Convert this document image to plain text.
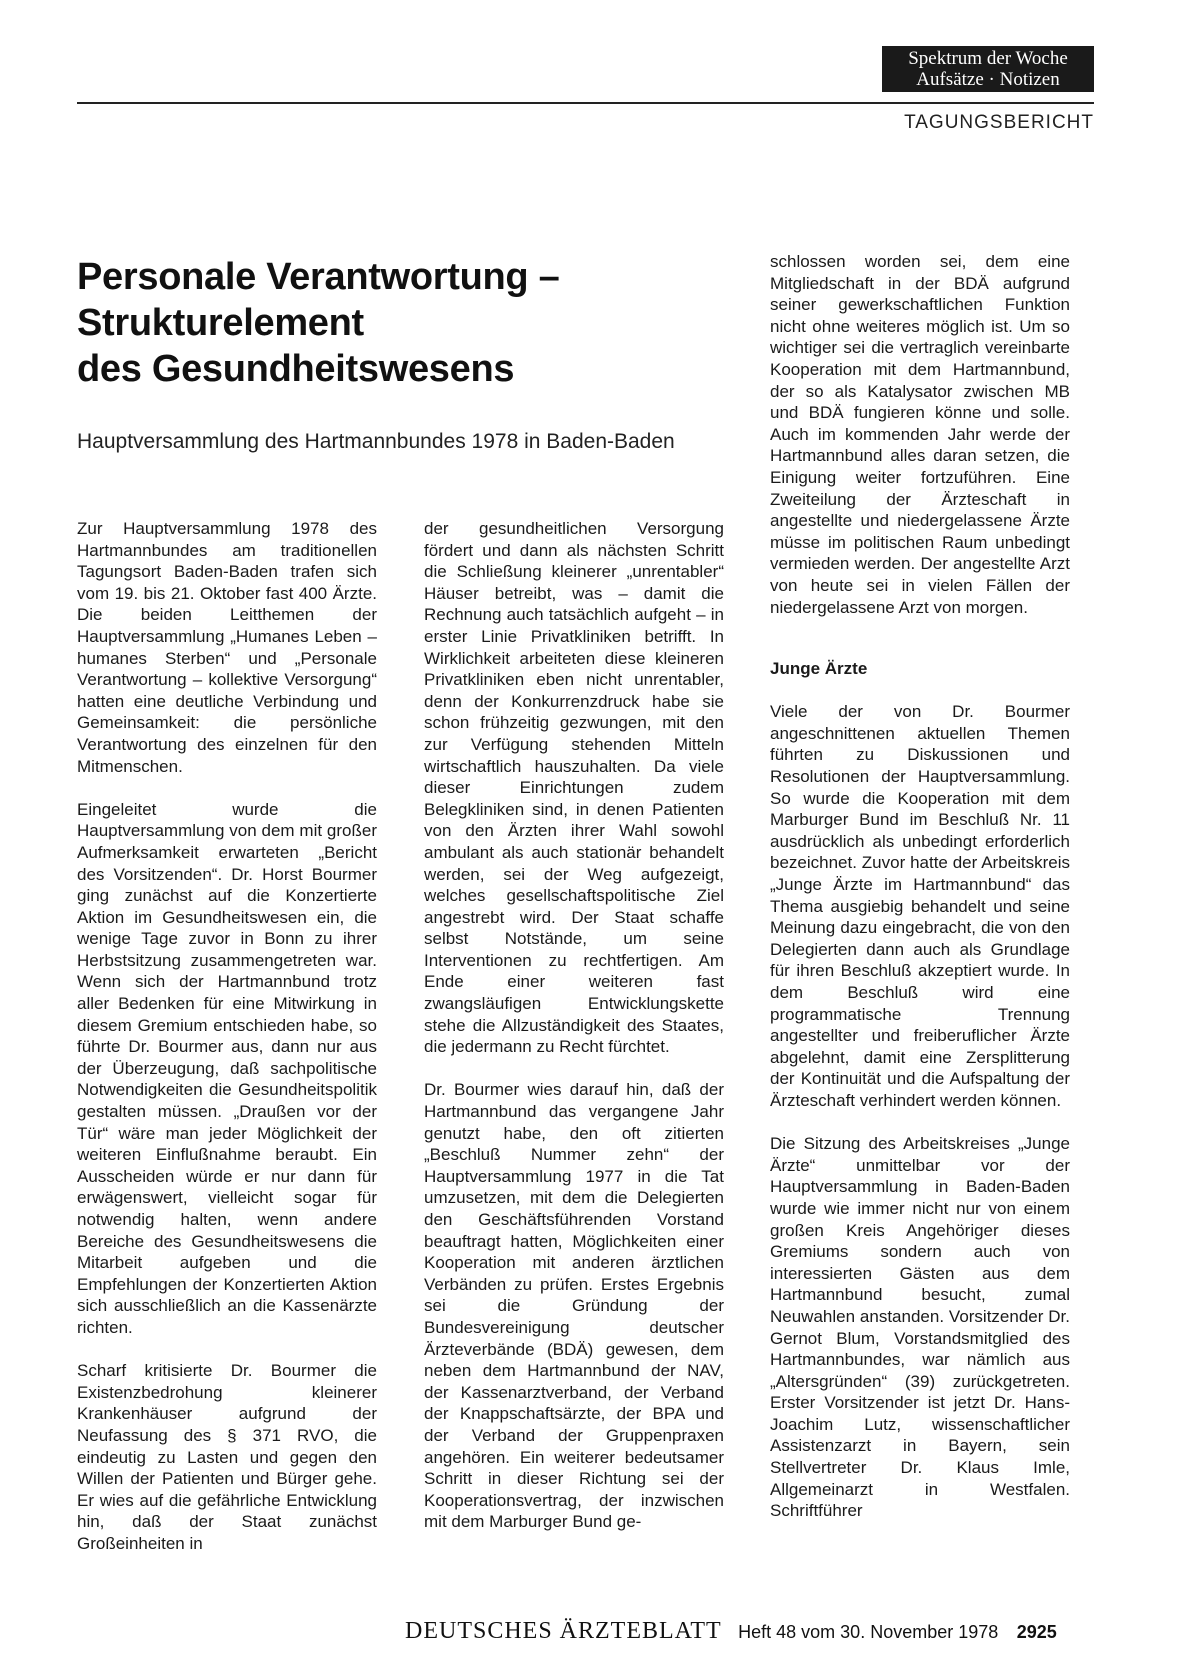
Spektrum der Woche
Aufsätze · Notizen
TAGUNGSBERICHT
Personale Verantwortung –
Strukturelement
des Gesundheitswesens
Hauptversammlung des Hartmannbundes 1978 in Baden-Baden

Zur Hauptversammlung 1978 des Hartmannbundes am traditionellen Tagungsort Baden-Baden trafen sich vom 19. bis 21. Oktober fast 400 Ärzte. Die beiden Leitthemen der Hauptversammlung „Humanes Leben – humanes Sterben“ und „Personale Verantwortung – kollektive Versorgung“ hatten eine deutliche Verbindung und Gemeinsamkeit: die persönliche Verantwortung des einzelnen für den Mitmenschen.

Eingeleitet wurde die Hauptversammlung von dem mit großer Aufmerksamkeit erwarteten „Bericht des Vorsitzenden“. Dr. Horst Bourmer ging zunächst auf die Konzertierte Aktion im Gesundheitswesen ein, die wenige Tage zuvor in Bonn zu ihrer Herbstsitzung zusammengetreten war. Wenn sich der Hartmannbund trotz aller Bedenken für eine Mitwirkung in diesem Gremium entschieden habe, so führte Dr. Bourmer aus, dann nur aus der Überzeugung, daß sachpolitische Notwendigkeiten die Gesundheitspolitik gestalten müssen. „Draußen vor der Tür“ wäre man jeder Möglichkeit der weiteren Einflußnahme beraubt. Ein Ausscheiden würde er nur dann für erwägenswert, vielleicht sogar für notwendig halten, wenn andere Bereiche des Gesundheitswesens die Mitarbeit aufgeben und die Empfehlungen der Konzertierten Aktion sich ausschließlich an die Kassenärzte richten.

Scharf kritisierte Dr. Bourmer die Existenzbedrohung kleinerer Krankenhäuser aufgrund der Neufassung des § 371 RVO, die eindeutig zu Lasten und gegen den Willen der Patienten und Bürger gehe. Er wies auf die gefährliche Entwicklung hin, daß der Staat zunächst Großeinheiten in

der gesundheitlichen Versorgung fördert und dann als nächsten Schritt die Schließung kleinerer „unrentabler“ Häuser betreibt, was – damit die Rechnung auch tatsächlich aufgeht – in erster Linie Privatkliniken betrifft. In Wirklichkeit arbeiteten diese kleineren Privatkliniken eben nicht unrentabler, denn der Konkurrenzdruck habe sie schon frühzeitig gezwungen, mit den zur Verfügung stehenden Mitteln wirtschaftlich hauszuhalten. Da viele dieser Einrichtungen zudem Belegkliniken sind, in denen Patienten von den Ärzten ihrer Wahl sowohl ambulant als auch stationär behandelt werden, sei der Weg aufgezeigt, welches gesellschaftspolitische Ziel angestrebt wird. Der Staat schaffe selbst Notstände, um seine Interventionen zu rechtfertigen. Am Ende einer weiteren fast zwangsläufigen Entwicklungskette stehe die Allzuständigkeit des Staates, die jedermann zu Recht fürchtet.

Dr. Bourmer wies darauf hin, daß der Hartmannbund das vergangene Jahr genutzt habe, den oft zitierten „Beschluß Nummer zehn“ der Hauptversammlung 1977 in die Tat umzusetzen, mit dem die Delegierten den Geschäftsführenden Vorstand beauftragt hatten, Möglichkeiten einer Kooperation mit anderen ärztlichen Verbänden zu prüfen. Erstes Ergebnis sei die Gründung der Bundesvereinigung deutscher Ärzteverbände (BDÄ) gewesen, dem neben dem Hartmannbund der NAV, der Kassenarztverband, der Verband der Knappschaftsärzte, der BPA und der Verband der Gruppenpraxen angehören. Ein weiterer bedeutsamer Schritt in dieser Richtung sei der Kooperationsvertrag, der inzwischen mit dem Marburger Bund ge-

schlossen worden sei, dem eine Mitgliedschaft in der BDÄ aufgrund seiner gewerkschaftlichen Funktion nicht ohne weiteres möglich ist. Um so wichtiger sei die vertraglich vereinbarte Kooperation mit dem Hartmannbund, der so als Katalysator zwischen MB und BDÄ fungieren könne und solle. Auch im kommenden Jahr werde der Hartmannbund alles daran setzen, die Einigung weiter fortzuführen. Eine Zweiteilung der Ärzteschaft in angestellte und niedergelassene Ärzte müsse im politischen Raum unbedingt vermieden werden. Der angestellte Arzt von heute sei in vielen Fällen der niedergelassene Arzt von morgen.

Junge Ärzte

Viele der von Dr. Bourmer angeschnittenen aktuellen Themen führten zu Diskussionen und Resolutionen der Hauptversammlung. So wurde die Kooperation mit dem Marburger Bund im Beschluß Nr. 11 ausdrücklich als unbedingt erforderlich bezeichnet. Zuvor hatte der Arbeitskreis „Junge Ärzte im Hartmannbund“ das Thema ausgiebig behandelt und seine Meinung dazu eingebracht, die von den Delegierten dann auch als Grundlage für ihren Beschluß akzeptiert wurde. In dem Beschluß wird eine programmatische Trennung angestellter und freiberuflicher Ärzte abgelehnt, damit eine Zersplitterung der Kontinuität und die Aufspaltung der Ärzteschaft verhindert werden können.

Die Sitzung des Arbeitskreises „Junge Ärzte“ unmittelbar vor der Hauptversammlung in Baden-Baden wurde wie immer nicht nur von einem großen Kreis Angehöriger dieses Gremiums sondern auch von interessierten Gästen aus dem Hartmannbund besucht, zumal Neuwahlen anstanden. Vorsitzender Dr. Gernot Blum, Vorstandsmitglied des Hartmannbundes, war nämlich aus „Altersgründen“ (39) zurückgetreten. Erster Vorsitzender ist jetzt Dr. Hans-Joachim Lutz, wissenschaftlicher Assistenzarzt in Bayern, sein Stellvertreter Dr. Klaus Imle, Allgemeinarzt in Westfalen. Schriftführer

DEUTSCHES ÄRZTEBLATT Heft 48 vom 30. November 1978 2925
